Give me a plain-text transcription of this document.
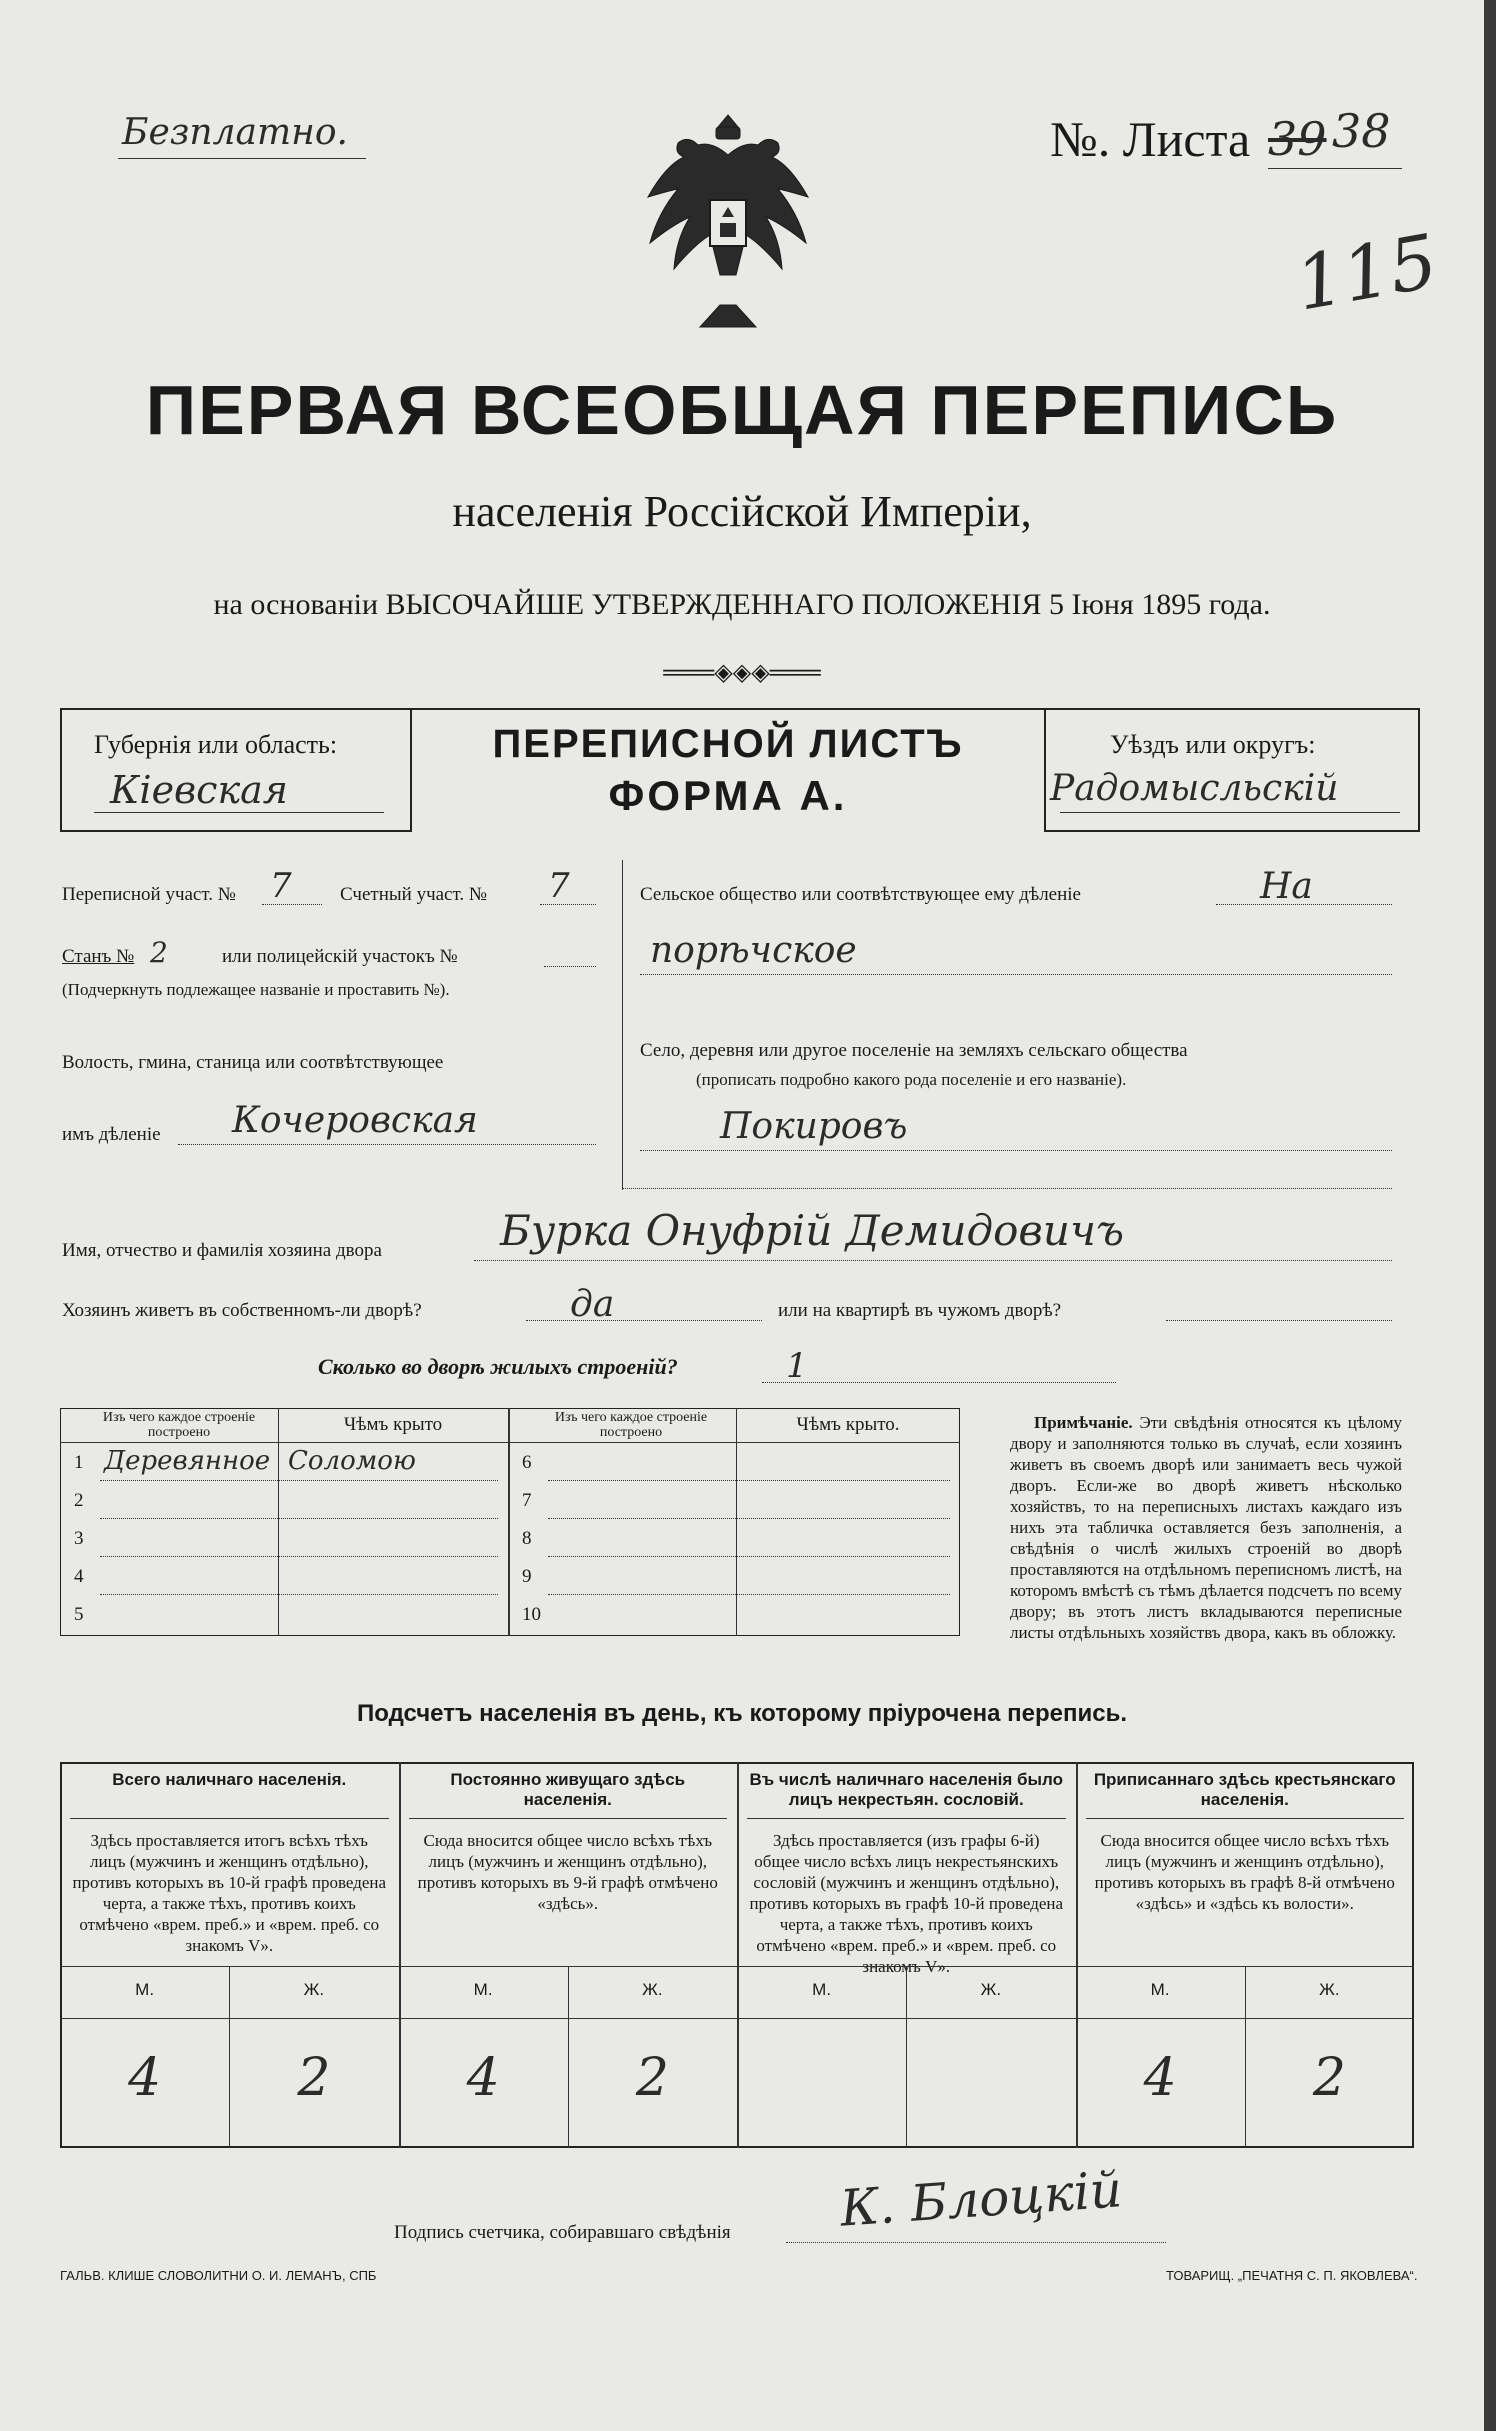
Безплатно.	№. Листа 39 38
115
ПЕРВАЯ ВСЕОБЩАЯ ПЕРЕПИСЬ
населенія Россійской Имперіи,
на основаніи ВЫСОЧАЙШЕ УТВЕРЖДЕННАГО ПОЛОЖЕНІЯ 5 Іюня 1895 года.
═══◈◈◈═══
Губернія или область:
Кіевская
ПЕРЕПИСНОЙ ЛИСТЪ
ФОРМА А.
Уѣздъ или округъ:
Радомысльскій
Переписной участ. № 7	Счетный участ. № 7
Станъ № 2	или полицейскій участокъ №
(Подчеркнуть подлежащее названіе и проставить №).
Волость, гмина, станица или соотвѣтствующее
имъ дѣленіе Кочеровская
Сельское общество или соотвѣтствующее ему дѣленіе	На
порѣчское
Село, деревня или другое поселеніе на земляхъ сельскаго общества
(прописать подробно какого рода поселеніе и его названіе).
Покировъ
Имя, отчество и фамилія хозяина двора	Бурка Онуфрій Демидовичъ
Хозяинъ живетъ въ собственномъ-ли дворѣ?	да	или на квартирѣ въ чужомъ дворѣ?
Сколько во дворѣ жилыхъ строеній?	1
Изъ чего каждое строеніе построено	Чѣмъ крыто	Изъ чего каждое строеніе построено	Чѣмъ крыто.
1 Деревянное Соломою
2
3
4
5
6
7
8
9
10
Примѣчаніе. Эти свѣдѣнія относятся къ цѣлому двору и заполняются только въ случаѣ, если хозяинъ живетъ въ своемъ дворѣ или занимаетъ весь чужой дворъ. Если-же во дворѣ живетъ нѣсколько хозяйствъ, то на переписныхъ листахъ каждаго изъ нихъ эта табличка оставляется безъ заполненія, а свѣдѣнія о числѣ жилыхъ строеній во дворѣ проставляются на отдѣльномъ переписномъ листѣ, на которомъ вмѣстѣ съ тѣмъ дѣлается подсчетъ по всему двору; въ этотъ листъ вкладываются переписные листы отдѣльныхъ хозяйствъ двора, какъ въ обложку.
Подсчетъ населенія въ день, къ которому пріурочена перепись.
Всего наличнаго населенія.
Здѣсь проставляется итогъ всѣхъ тѣхъ лицъ (мужчинъ и женщинъ отдѣльно), противъ которыхъ въ 10-й графѣ проведена черта, а также тѣхъ, противъ коихъ отмѣчено «врем. преб.» и «врем. преб. со знакомъ V».
М.	Ж.
4	2
Постоянно живущаго здѣсь населенія.
Сюда вносится общее число всѣхъ тѣхъ лицъ (мужчинъ и женщинъ отдѣльно), противъ которыхъ въ 9-й графѣ отмѣчено «здѣсь».
М.	Ж.
4	2
Въ числѣ наличнаго населенія было лицъ некрестьян. сословій.
Здѣсь проставляется (изъ графы 6-й) общее число всѣхъ лицъ некрестьянскихъ сословій (мужчинъ и женщинъ отдѣльно), противъ которыхъ въ графѣ 10-й проведена черта, а также тѣхъ, противъ коихъ отмѣчено «врем. преб.» и «врем. преб. со знакомъ V».
М.	Ж.
Приписаннаго здѣсь крестьянскаго населенія.
Сюда вносится общее число всѣхъ тѣхъ лицъ (мужчинъ и женщинъ отдѣльно), противъ которыхъ въ графѣ 8-й отмѣчено «здѣсь» и «здѣсь къ волости».
М.	Ж.
4	2
Подпись счетчика, собиравшаго свѣдѣнія К. Блоцкій
ГАЛЬВ. КЛИШЕ СЛОВОЛИТНИ О. И. ЛЕМАНЪ, СПБ	ТОВАРИЩ. „ПЕЧАТНЯ С. П. ЯКОВЛЕВА“.
